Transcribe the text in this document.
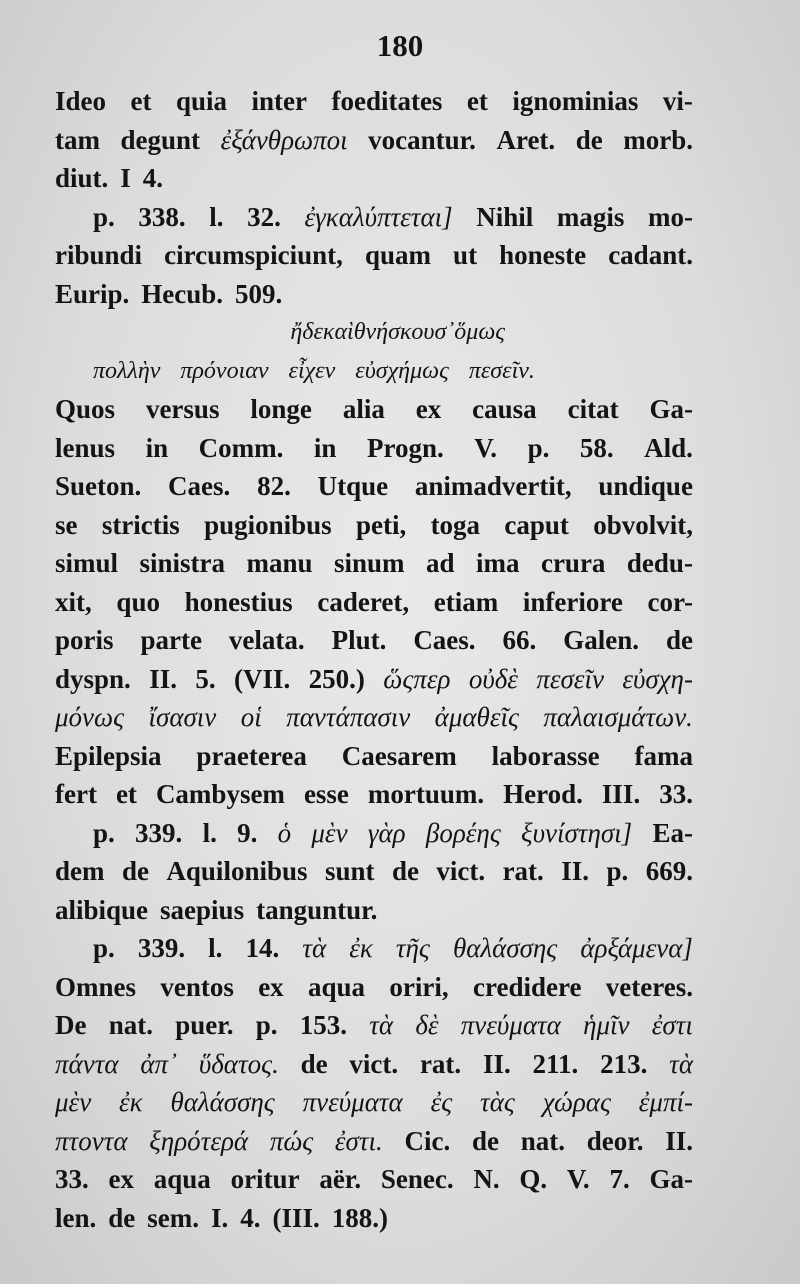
180
Ideo et quia inter foeditates et ignominias vi-
tam degunt ἐξάνθρωποι vocantur. Aret. de morb.
diut. I 4.
p. 338. l. 32. ἐγκαλύπτεται] Nihil magis mo-
ribundi circumspiciunt, quam ut honeste cadant.
Eurip. Hecub. 509.
ἤδε καὶ θνήσκουσ᾽ ὅμως
πολλὴν πρόνοιαν εἶχεν εὐσχήμως πεσεῖν.
Quos versus longe alia ex causa citat Ga-
lenus in Comm. in Progn. V. p. 58. Ald.
Sueton. Caes. 82. Utque animadvertit, undique
se strictis pugionibus peti, toga caput obvolvit,
simul sinistra manu sinum ad ima crura dedu-
xit, quo honestius caderet, etiam inferiore cor-
poris parte velata. Plut. Caes. 66. Galen. de
dyspn. II. 5. (VII. 250.) ὥςπερ οὐδὲ πεσεῖν εὐσχη-
μόνως ἴσασιν οἱ παντάπασιν ἀμαθεῖς παλαισμάτων.
Epilepsia praeterea Caesarem laborasse fama
fert et Cambysem esse mortuum. Herod. III. 33.
p. 339. l. 9. ὁ μὲν γὰρ βορέης ξυνίστησι] Ea-
dem de Aquilonibus sunt de vict. rat. II. p. 669.
alibique saepius tanguntur.
p. 339. l. 14. τὰ ἐκ τῆς θαλάσσης ἀρξάμενα]
Omnes ventos ex aqua oriri, credidere veteres.
De nat. puer. p. 153. τὰ δὲ πνεύματα ἡμῖν ἐστι
πάντα ἀπ᾽ ὕδατος. de vict. rat. II. 211. 213. τὰ
μὲν ἐκ θαλάσσης πνεύματα ἐς τὰς χώρας ἐμπί-
πτοντα ξηρότερά πώς ἐστι. Cic. de nat. deor. II.
33. ex aqua oritur aër. Senec. N. Q. V. 7. Ga-
len. de sem. I. 4. (III. 188.)
